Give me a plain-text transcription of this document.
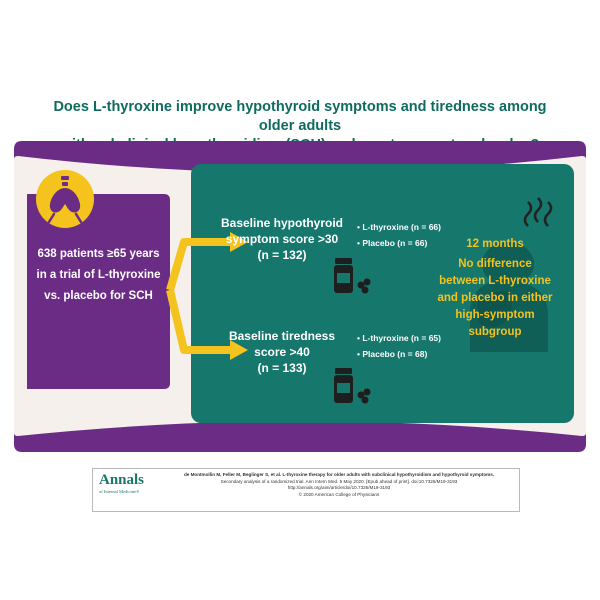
Does L-thyroxine improve hypothyroid symptoms and tiredness among older adults
638 patients ≥65 years
in a trial of L-thyroxine
vs. placebo for SCH
Baseline hypothyroid
symptom score >30
(n = 132)
• L-thyroxine (n = 66)
• Placebo (n = 66)
Baseline tiredness
score >40
(n = 133)
• L-thyroxine (n = 65)
• Placebo (n = 68)
12 months
No difference
between L-thyroxine
and placebo in either
high-symptom
subgroup
Annals
of Internal Medicine®
de Montmollin M, Feller M, Beglinger S, et al. L-thyroxine therapy for older adults with subclinical hypothyroidism and hypothyroid symptoms.
Secondary analysis of a randomized trial. Ann Intern Med. 5 May 2020. [Epub ahead of print]. doi:10.7326/M19-3193
http://annals.org/aim/article/doi/10.7326/M19-3193
© 2020 American College of Physicians
